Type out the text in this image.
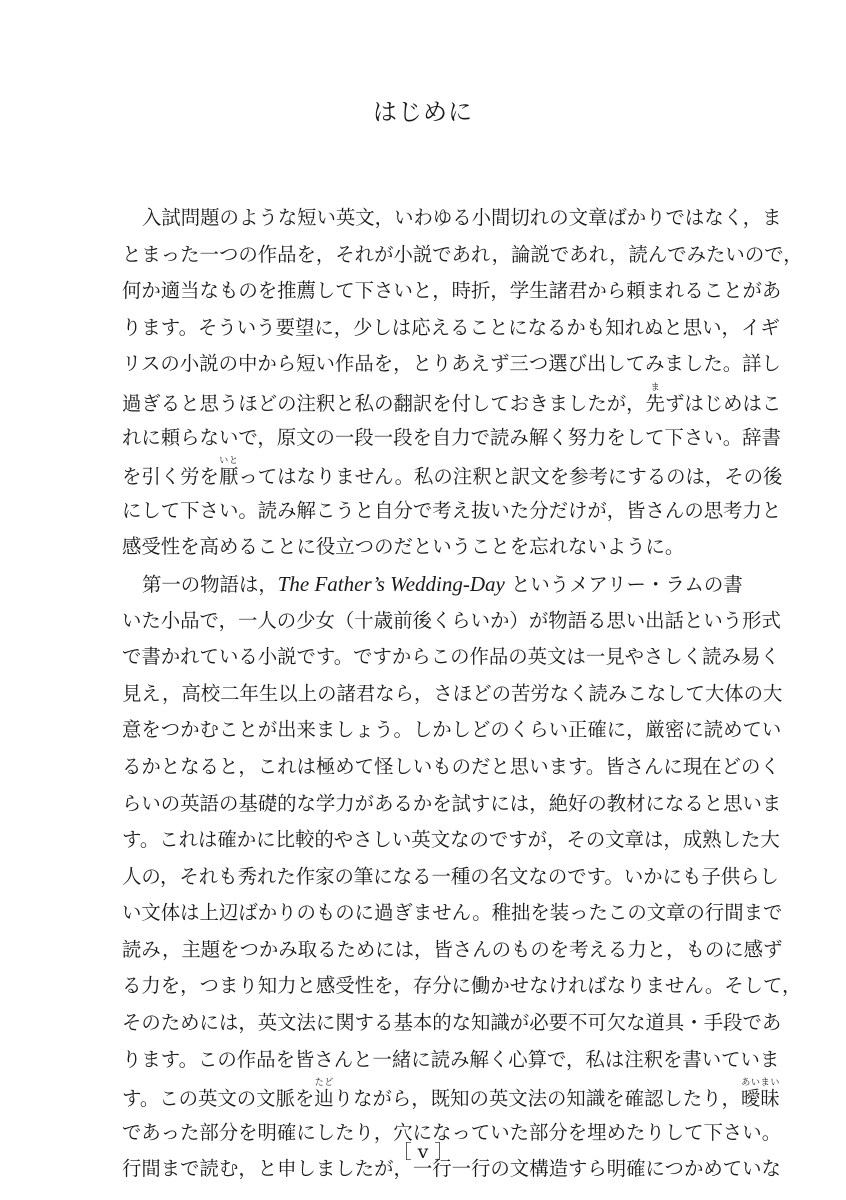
はじめに
入試問題のような短い英文，いわゆる小間切れの文章ばかりではなく，ま
とまった一つの作品を，それが小説であれ，論説であれ，読んでみたいので，
何か適当なものを推薦して下さいと，時折，学生諸君から頼まれることがあ
ります。そういう要望に，少しは応えることになるかも知れぬと思い，イギ
リスの小説の中から短い作品を，とりあえず三つ選び出してみました。詳し
過ぎると思うほどの注釈と私の翻訳を付しておきましたが，先まずはじめはこ
れに頼らないで，原文の一段一段を自力で読み解く努力をして下さい。辞書
を引く労を厭いとってはなりません。私の注釈と訳文を参考にするのは，その後
にして下さい。読み解こうと自分で考え抜いた分だけが，皆さんの思考力と
感受性を高めることに役立つのだということを忘れないように。
第一の物語は，The Father’s Wedding-Day というメアリー・ラムの書
いた小品で，一人の少女（十歳前後くらいか）が物語る思い出話という形式
で書かれている小説です。ですからこの作品の英文は一見やさしく読み易く
見え，高校二年生以上の諸君なら，さほどの苦労なく読みこなして大体の大
意をつかむことが出来ましょう。しかしどのくらい正確に，厳密に読めてい
るかとなると，これは極めて怪しいものだと思います。皆さんに現在どのく
らいの英語の基礎的な学力があるかを試すには，絶好の教材になると思いま
す。これは確かに比較的やさしい英文なのですが，その文章は，成熟した大
人の，それも秀れた作家の筆になる一種の名文なのです。いかにも子供らし
い文体は上辺ばかりのものに過ぎません。稚拙を装ったこの文章の行間まで
読み，主題をつかみ取るためには，皆さんのものを考える力と，ものに感ず
る力を，つまり知力と感受性を，存分に働かせなければなりません。そして，
そのためには，英文法に関する基本的な知識が必要不可欠な道具・手段であ
ります。この作品を皆さんと一緒に読み解く心算で，私は注釈を書いていま
す。この英文の文脈を辿たどりながら，既知の英文法の知識を確認したり，曖昧あいまい
であった部分を明確にしたり，穴になっていた部分を埋めたりして下さい。
行間まで読む，と申しましたが，一行一行の文構造すら明確につかめていな
［ v ］
